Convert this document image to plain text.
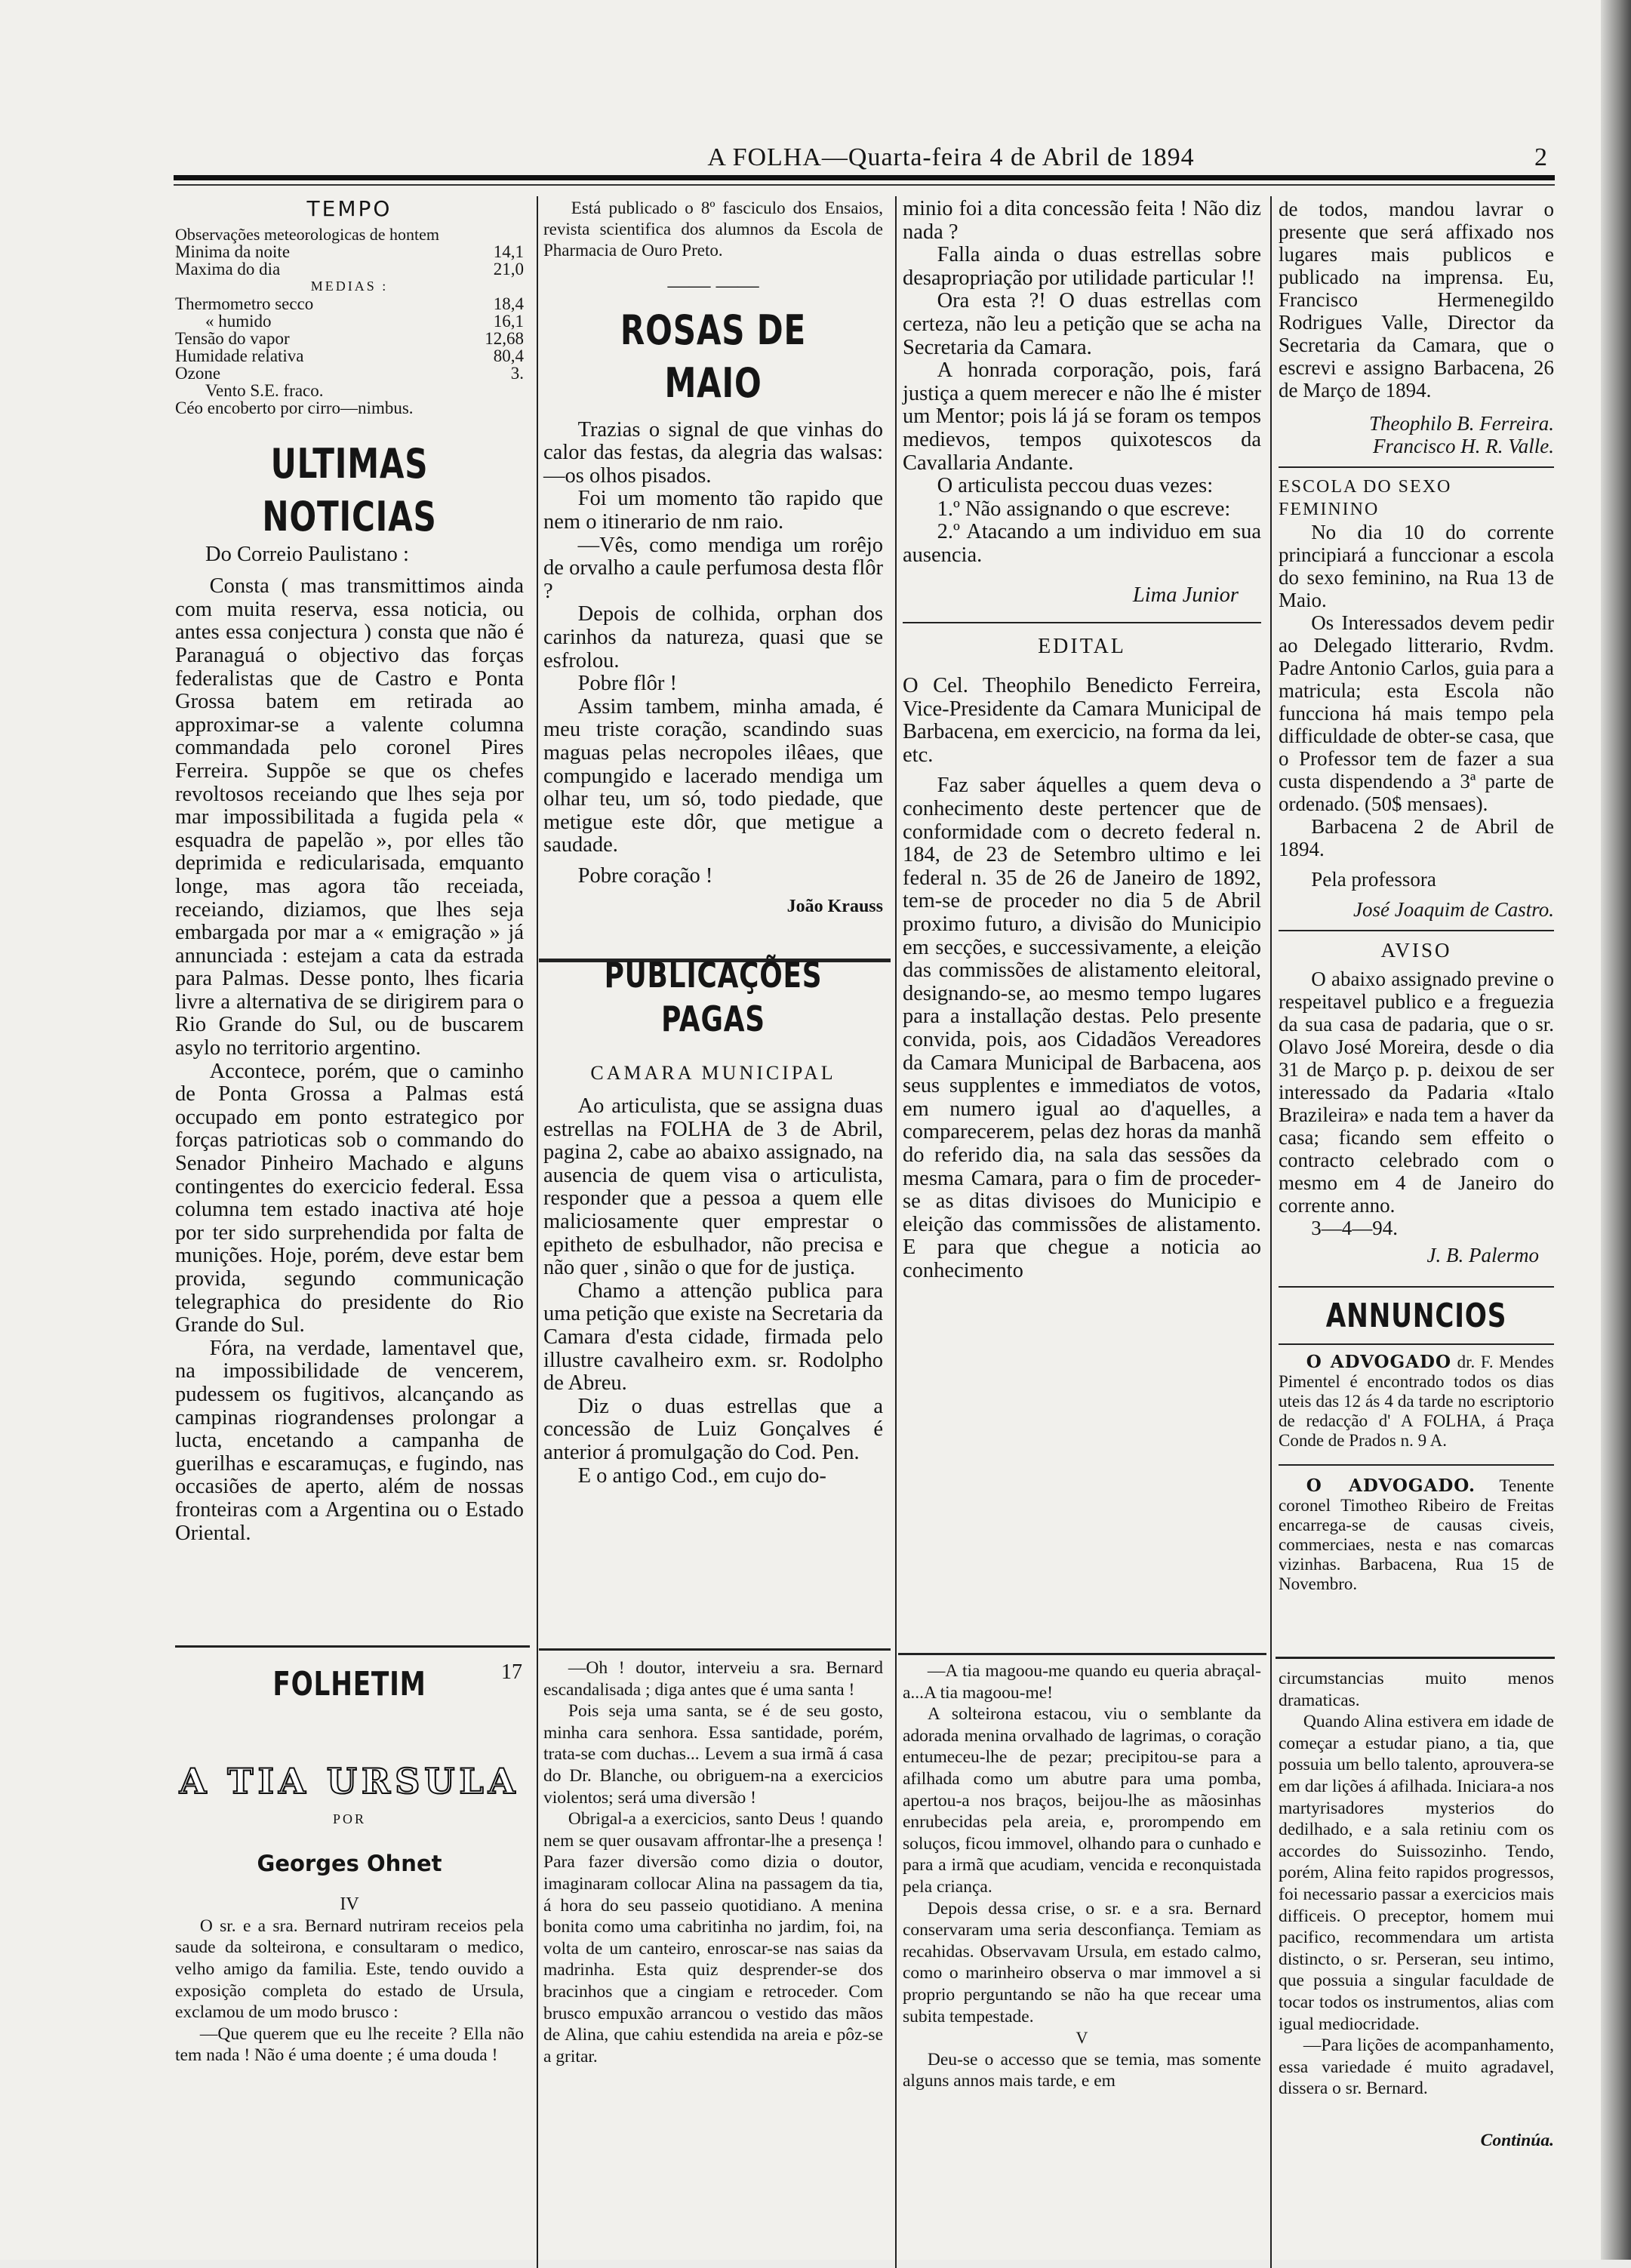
A FOLHA—Quarta-feira 4 de Abril de 1894	2
TEMPO
Observações meteorologicas de hontem
Minima da noite	14,1
Maxima do dia	21,0
MEDIAS :	
Thermometro secco	18,4
« humido	16,1
Tensão do vapor	12,68
Humidade relativa	80,4
Ozone	3.
Vento S.E. fraco.	
Céo encoberto por cirro—nimbus.	
ULTIMAS NOTICIAS

Do Correio Paulistano :

Consta ( mas transmittimos ainda com muita reserva, essa noticia, ou antes essa conjectura ) consta que não é Paranaguá o objectivo das forças federalistas que de Castro e Ponta Grossa batem em retirada ao approximar-se a valente columna commandada pelo coronel Pires Ferreira. Suppõe se que os chefes revoltosos receiando que lhes seja por mar impossibilitada a fugida pela « esquadra de papelão », por elles tão deprimida e redicularisada, emquanto longe, mas agora tão receiada, receiando, diziamos, que lhes seja embargada por mar a « emigração » já annunciada : estejam a cata da estrada para Palmas. Desse ponto, lhes ficaria livre a alternativa de se dirigirem para o Rio Grande do Sul, ou de buscarem asylo no territorio argentino.

Accontece, porém, que o caminho de Ponta Grossa a Palmas está occupado em ponto estrategico por forças patrioticas sob o commando do Senador Pinheiro Machado e alguns contingentes do exercicio federal. Essa columna tem estado inactiva até hoje por ter sido surprehendida por falta de munições. Hoje, porém, deve estar bem provida, segundo communicação telegraphica do presidente do Rio Grande do Sul.

Fóra, na verdade, lamentavel que, na impossibilidade de vencerem, pudessem os fugitivos, alcançando as campinas riograndenses prolongar a lucta, encetando a campanha de guerilhas e escaramuças, e fugindo, nas occasiões de aperto, além de nossas fronteiras com a Argentina ou o Estado Oriental.

Está publicado o 8º fasciculo dos Ensaios, revista scientifica dos alumnos da Escola de Pharmacia de Ouro Preto.

—— ——
ROSAS DE MAIO

Trazias o signal de que vinhas do calor das festas, da alegria das walsas:—os olhos pisados.

Foi um momento tão rapido que nem o itinerario de nm raio.

—Vês, como mendiga um rorêjo de orvalho a caule perfumosa desta flôr ?

Depois de colhida, orphan dos carinhos da natureza, quasi que se esfrolou.

Pobre flôr !

Assim tambem, minha amada, é meu triste coração, scandindo suas maguas pelas necropoles ilêaes, que compungido e lacerado mendiga um olhar teu, um só, todo piedade, que metigue este dôr, que metigue a saudade.

Pobre coração !

João Krauss
PUBLICAÇÕES PAGAS
CAMARA MUNICIPAL

Ao articulista, que se assigna duas estrellas na FOLHA de 3 de Abril, pagina 2, cabe ao abaixo assignado, na ausencia de quem visa o articulista, responder que a pessoa a quem elle maliciosamente quer emprestar o epitheto de esbulhador, não precisa e não quer , sinão o que for de justiça.

Chamo a attenção publica para uma petição que existe na Secretaria da Camara d'esta cidade, firmada pelo illustre cavalheiro exm. sr. Rodolpho de Abreu.

Diz o duas estrellas que a concessão de Luiz Gonçalves é anterior á promulgação do Cod. Pen.

E o antigo Cod., em cujo do-

minio foi a dita concessão feita ! Não diz nada ?

Falla ainda o duas estrellas sobre desapropriação por utilidade particular !!

Ora esta ?! O duas estrellas com certeza, não leu a petição que se acha na Secretaria da Camara.

A honrada corporação, pois, fará justiça a quem merecer e não lhe é mister um Mentor; pois lá já se foram os tempos medievos, tempos quixotescos da Cavallaria Andante.

O articulista peccou duas vezes:

1.º Não assignando o que escreve:

2.º Atacando a um individuo em sua ausencia.

Lima Junior
EDITAL

O Cel. Theophilo Benedicto Ferreira, Vice-Presidente da Camara Municipal de Barbacena, em exercicio, na forma da lei, etc.

Faz saber áquelles a quem deva o conhecimento deste pertencer que de conformidade com o decreto federal n. 184, de 23 de Setembro ultimo e lei federal n. 35 de 26 de Janeiro de 1892, tem-se de proceder no dia 5 de Abril proximo futuro, a divisão do Municipio em secções, e successivamente, a eleição das commissões de alistamento eleitoral, designando-se, ao mesmo tempo lugares para a installação destas. Pelo presente convida, pois, aos Cidadãos Vereadores da Camara Municipal de Barbacena, aos seus supplentes e immediatos de votos, em numero igual ao d'aquelles, a comparecerem, pelas dez horas da manhã do referido dia, na sala das sessões da mesma Camara, para o fim de proceder-se as ditas divisoes do Municipio e eleição das commissões de alistamento. E para que chegue a noticia ao conhecimento

de todos, mandou lavrar o presente que será affixado nos lugares mais publicos e publicado na imprensa. Eu, Francisco Hermenegildo Rodrigues Valle, Director da Secretaria da Camara, que o escrevi e assigno Barbacena, 26 de Março de 1894.

Theophilo B. Ferreira.
Francisco H. R. Valle.
ESCOLA DO SEXO FEMININO

No dia 10 do corrente principiará a funccionar a escola do sexo feminino, na Rua 13 de Maio.

Os Interessados devem pedir ao Delegado litterario, Rvdm. Padre Antonio Carlos, guia para a matricula; esta Escola não funcciona há mais tempo pela difficuldade de obter-se casa, que o Professor tem de fazer a sua custa dispendendo a 3ª parte de ordenado. (50$ mensaes).

Barbacena 2 de Abril de 1894.

Pela professora

José Joaquim de Castro.
AVISO

O abaixo assignado previne o respeitavel publico e a freguezia da sua casa de padaria, que o sr. Olavo José Moreira, desde o dia 31 de Março p. p. deixou de ser interessado da Padaria «Italo Brazileira» e nada tem a haver da casa; ficando sem effeito o contracto celebrado com o mesmo em 4 de Janeiro do corrente anno.

3—4—94.

J. B. Palermo
ANNUNCIOS

O ADVOGADO dr. F. Mendes Pimentel é encontrado todos os dias uteis das 12 ás 4 da tarde no escriptorio de redacção d' A FOLHA, á Praça Conde de Prados n. 9 A.

O ADVOGADO. Tenente coronel Timotheo Ribeiro de Freitas encarrega-se de causas civeis, commerciaes, nesta e nas comarcas vizinhas. Barbacena, Rua 15 de Novembro.

FOLHETIM	17
A TIA URSULA
POR
Georges Ohnet
IV

O sr. e a sra. Bernard nutriram receios pela saude da solteirona, e consultaram o medico, velho amigo da familia. Este, tendo ouvido a exposição completa do estado de Ursula, exclamou de um modo brusco :

—Que querem que eu lhe receite ? Ella não tem nada ! Não é uma doente ; é uma douda !

—Oh ! doutor, interveiu a sra. Bernard escandalisada ; diga antes que é uma santa !

Pois seja uma santa, se é de seu gosto, minha cara senhora. Essa santidade, porém, trata-se com duchas... Levem a sua irmã á casa do Dr. Blanche, ou obriguem-na a exercicios violentos; será uma diversão !

Obrigal-a a exercicios, santo Deus ! quando nem se quer ousavam affrontar-lhe a presença ! Para fazer diversão como dizia o doutor, imaginaram collocar Alina na passagem da tia, á hora do seu passeio quotidiano. A menina bonita como uma cabritinha no jardim, foi, na volta de um canteiro, enroscar-se nas saias da madrinha. Esta quiz desprender-se dos bracinhos que a cingiam e retroceder. Com brusco empuxão arrancou o vestido das mãos de Alina, que cahiu estendida na areia e pôz-se a gritar.

—A tia magoou-me quando eu queria abraçal-a...A tia magoou-me!

A solteirona estacou, viu o semblante da adorada menina orvalhado de lagrimas, o coração entumeceu-lhe de pezar; precipitou-se para a afilhada como um abutre para uma pomba, apertou-a nos braços, beijou-lhe as mãosinhas enrubecidas pela areia, e, prorompendo em soluços, ficou immovel, olhando para o cunhado e para a irmã que acudiam, vencida e reconquistada pela criança.

Depois dessa crise, o sr. e a sra. Bernard conservaram uma seria desconfiança. Temiam as recahidas. Observavam Ursula, em estado calmo, como o marinheiro observa o mar immovel a si proprio perguntando se não ha que recear uma subita tempestade.

V

Deu-se o accesso que se temia, mas somente alguns annos mais tarde, e em

circumstancias muito menos dramaticas.

Quando Alina estivera em idade de começar a estudar piano, a tia, que possuia um bello talento, aprouvera-se em dar lições á afilhada. Iniciara-a nos martyrisadores mysterios do dedilhado, e a sala retiniu com os accordes do Suissozinho. Tendo, porém, Alina feito rapidos progressos, foi necessario passar a exercicios mais difficeis. O preceptor, homem mui pacifico, recommendara um artista distincto, o sr. Perseran, seu intimo, que possuia a singular faculdade de tocar todos os instrumentos, alias com igual mediocridade.

—Para lições de acompanhamento, essa variedade é muito agradavel, dissera o sr. Bernard.

Continúa.
